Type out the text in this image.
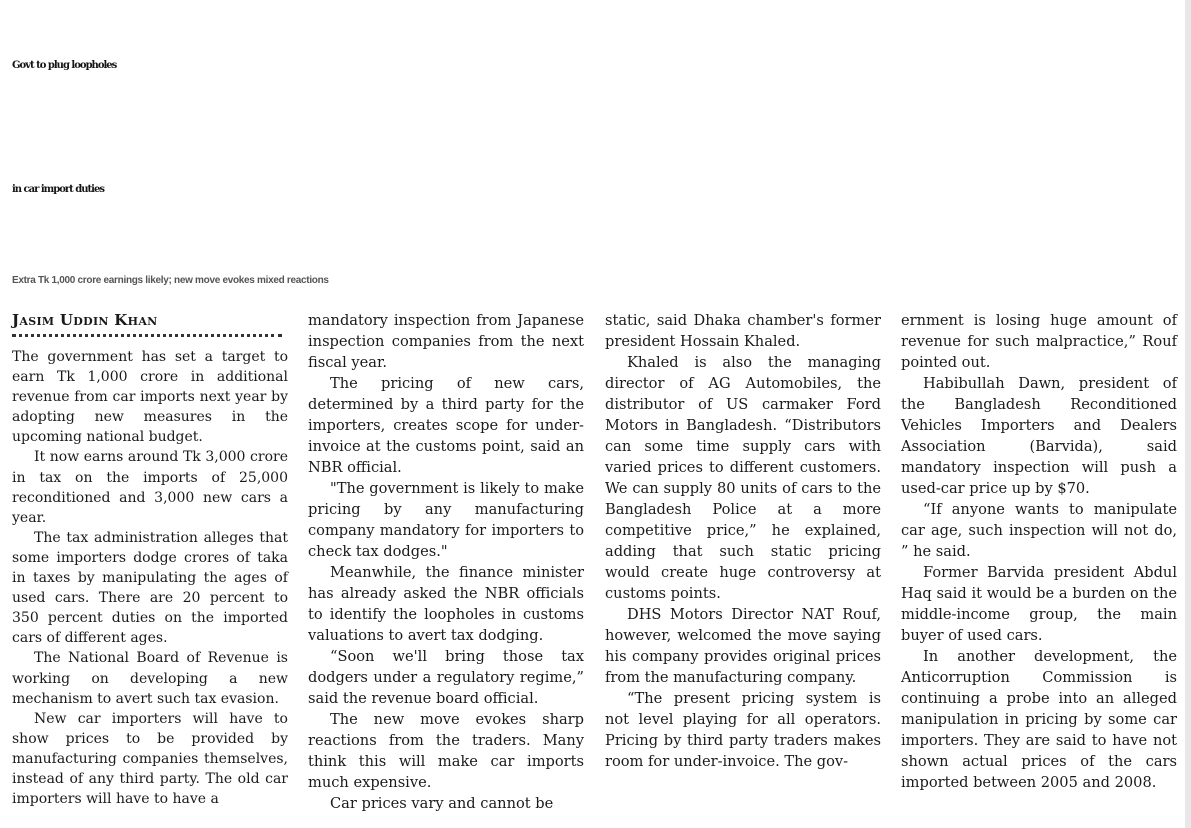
Govt to plug loopholes
in car import duties
Extra Tk 1,000 crore earnings likely; new move evokes mixed reactions
Jasim Uddin Khan

The government has set a target to earn Tk 1,000 crore in additional revenue from car imports next year by adopting new measures in the upcoming national budget.

It now earns around Tk 3,000 crore in tax on the imports of 25,000 reconditioned and 3,000 new cars a year.

The tax administration alleges that some importers dodge crores of taka in taxes by manipulating the ages of used cars. There are 20 percent to 350 percent duties on the imported cars of different ages.

The National Board of Revenue is working on developing a new mechanism to avert such tax evasion.

New car importers will have to show prices to be provided by manufacturing companies themselves, instead of any third party. The old car importers will have to have a

mandatory inspection from Japanese inspection companies from the next fiscal year.

The pricing of new cars, determined by a third party for the importers, creates scope for under-invoice at the customs point, said an NBR official.

"The government is likely to make pricing by any manufacturing company mandatory for importers to check tax dodges."

Meanwhile, the finance minister has already asked the NBR officials to identify the loopholes in customs valuations to avert tax dodging.

“Soon we'll bring those tax dodgers under a regulatory regime,” said the revenue board official.

The new move evokes sharp reactions from the traders. Many think this will make car imports much expensive.

Car prices vary and cannot be

static, said Dhaka chamber's former president Hossain Khaled.

Khaled is also the managing director of AG Automobiles, the distributor of US carmaker Ford Motors in Bangladesh. “Distributors can some time supply cars with varied prices to different customers. We can supply 80 units of cars to the Bangladesh Police at a more competitive price,” he explained, adding that such static pricing would create huge controversy at customs points.

DHS Motors Director NAT Rouf, however, welcomed the move saying his company provides original prices from the manufacturing company.

“The present pricing system is not level playing for all operators. Pricing by third party traders makes room for under-invoice. The gov-

ernment is losing huge amount of revenue for such malpractice,” Rouf pointed out.

Habibullah Dawn, president of the Bangladesh Reconditioned Vehicles Importers and Dealers Association (Barvida), said mandatory inspection will push a used-car price up by $70.

“If anyone wants to manipulate car age, such inspection will not do, ” he said.

Former Barvida president Abdul Haq said it would be a burden on the middle-income group, the main buyer of used cars.

In another development, the Anticorruption Commission is continuing a probe into an alleged manipulation in pricing by some car importers. They are said to have not shown actual prices of the cars imported between 2005 and 2008.
